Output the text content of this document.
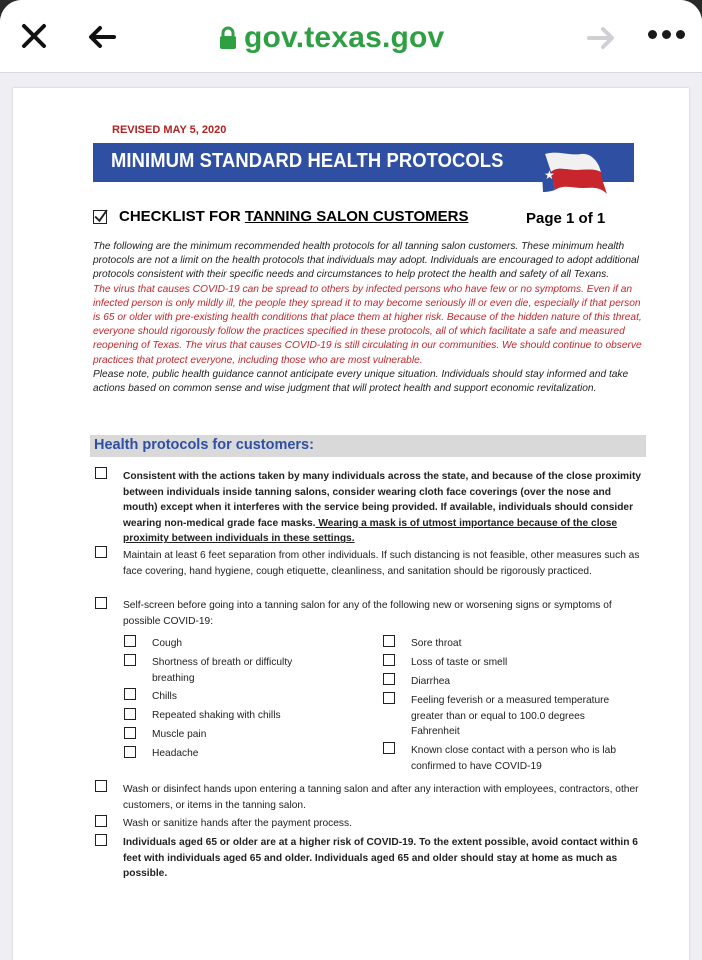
gov.texas.gov
REVISED MAY 5, 2020
MINIMUM STANDARD HEALTH PROTOCOLS
★
CHECKLIST FOR TANNING SALON CUSTOMERS	Page 1 of 1

The following are the minimum recommended health protocols for all tanning salon customers. These minimum health protocols are not a limit on the health protocols that individuals may adopt. Individuals are encouraged to adopt additional protocols consistent with their specific needs and circumstances to help protect the health and safety of all Texans.

The virus that causes COVID-19 can be spread to others by infected persons who have few or no symptoms. Even if an infected person is only mildly ill, the people they spread it to may become seriously ill or even die, especially if that person is 65 or older with pre-existing health conditions that place them at higher risk. Because of the hidden nature of this threat, everyone should rigorously follow the practices specified in these protocols, all of which facilitate a safe and measured reopening of Texas. The virus that causes COVID-19 is still circulating in our communities. We should continue to observe practices that protect everyone, including those who are most vulnerable.

Please note, public health guidance cannot anticipate every unique situation. Individuals should stay informed and take actions based on common sense and wise judgment that will protect health and support economic revitalization.

Health protocols for customers:
Consistent with the actions taken by many individuals across the state, and because of the close proximity between individuals inside tanning salons, consider wearing cloth face coverings (over the nose and mouth) except when it interferes with the service being provided. If available, individuals should consider wearing non-medical grade face masks. Wearing a mask is of utmost importance because of the close proximity between individuals in these settings.
Maintain at least 6 feet separation from other individuals. If such distancing is not feasible, other measures such as face covering, hand hygiene, cough etiquette, cleanliness, and sanitation should be rigorously practiced.
Self-screen before going into a tanning salon for any of the following new or worsening signs or symptoms of possible COVID-19:
Cough
Shortness of breath or difficulty breathing
Chills
Repeated shaking with chills
Muscle pain
Headache
Sore throat
Loss of taste or smell
Diarrhea
Feeling feverish or a measured temperature greater than or equal to 100.0 degrees Fahrenheit
Known close contact with a person who is lab confirmed to have COVID-19
Wash or disinfect hands upon entering a tanning salon and after any interaction with employees, contractors, other customers, or items in the tanning salon.
Wash or sanitize hands after the payment process.
Individuals aged 65 or older are at a higher risk of COVID-19. To the extent possible, avoid contact within 6 feet with individuals aged 65 and older. Individuals aged 65 and older should stay at home as much as possible.
